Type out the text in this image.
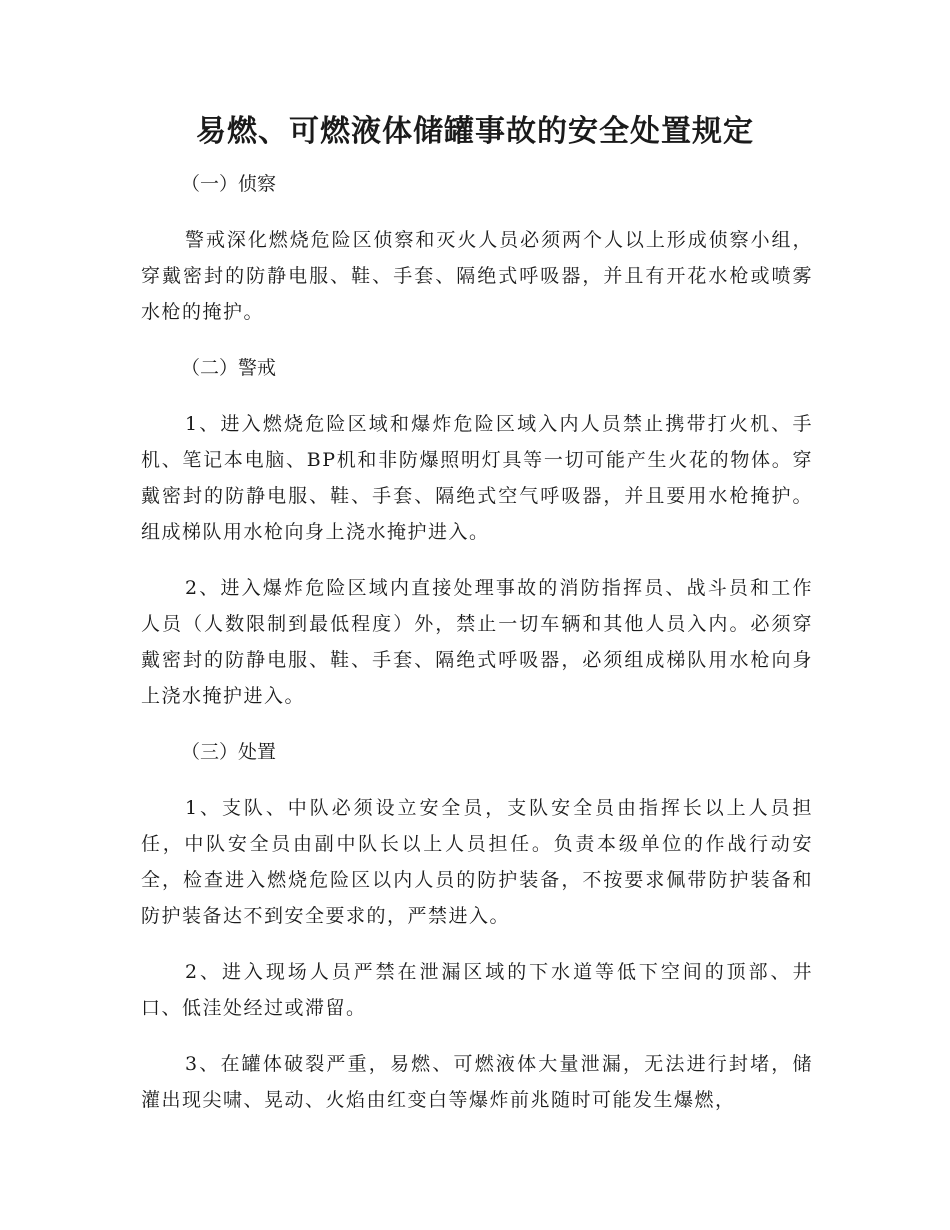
易燃、可燃液体储罐事故的安全处置规定

（一）侦察

警戒深化燃烧危险区侦察和灭火人员必须两个人以上形成侦察小组，穿戴密封的防静电服、鞋、手套、隔绝式呼吸器，并且有开花水枪或喷雾水枪的掩护。

（二）警戒

1、进入燃烧危险区域和爆炸危险区域入内人员禁止携带打火机、手机、笔记本电脑、BP机和非防爆照明灯具等一切可能产生火花的物体。穿戴密封的防静电服、鞋、手套、隔绝式空气呼吸器，并且要用水枪掩护。组成梯队用水枪向身上浇水掩护进入。

2、进入爆炸危险区域内直接处理事故的消防指挥员、战斗员和工作人员（人数限制到最低程度）外，禁止一切车辆和其他人员入内。必须穿戴密封的防静电服、鞋、手套、隔绝式呼吸器，必须组成梯队用水枪向身上浇水掩护进入。

（三）处置

1、支队、中队必须设立安全员，支队安全员由指挥长以上人员担任，中队安全员由副中队长以上人员担任。负责本级单位的作战行动安全，检查进入燃烧危险区以内人员的防护装备，不按要求佩带防护装备和防护装备达不到安全要求的，严禁进入。

2、进入现场人员严禁在泄漏区域的下水道等低下空间的顶部、井口、低洼处经过或滞留。

3、在罐体破裂严重，易燃、可燃液体大量泄漏，无法进行封堵，储灌出现尖啸、晃动、火焰由红变白等爆炸前兆随时可能发生爆燃，
